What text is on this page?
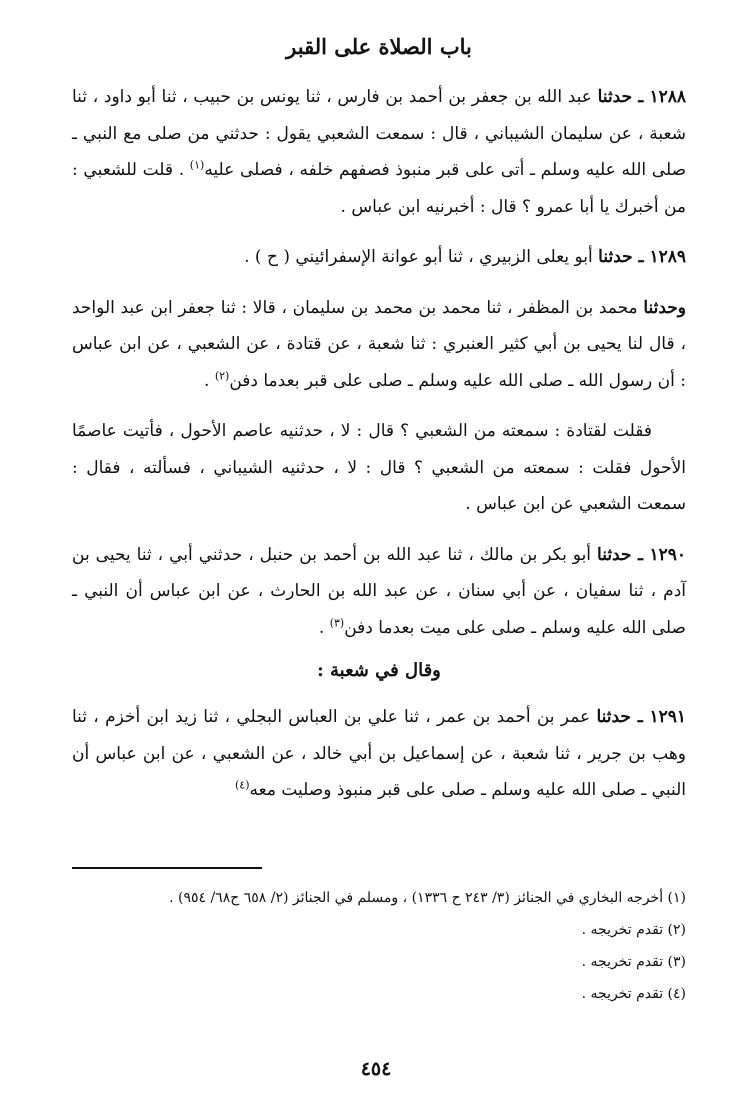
باب الصلاة على القبر

١٢٨٨ ـ حدثنا عبد الله بن جعفر بن أحمد بن فارس ، ثنا يونس بن حبيب ، ثنا أبو داود ، ثنا شعبة ، عن سليمان الشيباني ، قال : سمعت الشعبي يقول : حدثني من صلى مع النبي ـ صلى الله عليه وسلم ـ أتى على قبر منبوذ فصفهم خلفه ، فصلى عليه$^{(١)}$ . قلت للشعبي : من أخبرك يا أبا عمرو ؟ قال : أخبرنيه ابن عباس .

١٢٨٩ ـ حدثنا أبو يعلى الزبيري ، ثنا أبو عوانة الإسفرائيني ( ح ) .

وحدثنا محمد بن المظفر ، ثنا محمد بن محمد بن سليمان ، قالا : ثنا جعفر ابن عبد الواحد ، قال لنا يحيى بن أبي كثير العنبري : ثنا شعبة ، عن قتادة ، عن الشعبي ، عن ابن عباس : أن رسول الله ـ صلى الله عليه وسلم ـ صلى على قبر بعدما دفن$^{(٢)}$ .

فقلت لقتادة : سمعته من الشعبي ؟ قال : لا ، حدثنيه عاصم الأحول ، فأتيت عاصمًا الأحول فقلت : سمعته من الشعبي ؟ قال : لا ، حدثنيه الشيباني ، فسألته ، فقال : سمعت الشعبي عن ابن عباس .

١٢٩٠ ـ حدثنا أبو بكر بن مالك ، ثنا عبد الله بن أحمد بن حنبل ، حدثني أبي ، ثنا يحيى بن آدم ، ثنا سفيان ، عن أبي سنان ، عن عبد الله بن الحارث ، عن ابن عباس أن النبي ـ صلى الله عليه وسلم ـ صلى على ميت بعدما دفن$^{(٣)}$ .

وقال في شعبة :

١٢٩١ ـ حدثنا عمر بن أحمد بن عمر ، ثنا علي بن العباس البجلي ، ثنا زيد ابن أخزم ، ثنا وهب بن جرير ، ثنا شعبة ، عن إسماعيل بن أبي خالد ، عن الشعبي ، عن ابن عباس أن النبي ـ صلى الله عليه وسلم ـ صلى على قبر منبوذ وصليت معه$^{(٤)}$

(١) أخرجه البخاري في الجنائز (٣/ ٢٤٣ ح ١٣٣٦) ، ومسلم في الجنائز (٢/ ٦٥٨ ح٦٨/ ٩٥٤) .
(٢) تقدم تخريجه .
(٣) تقدم تخريجه .
(٤) تقدم تخريجه .
٤٥٤
